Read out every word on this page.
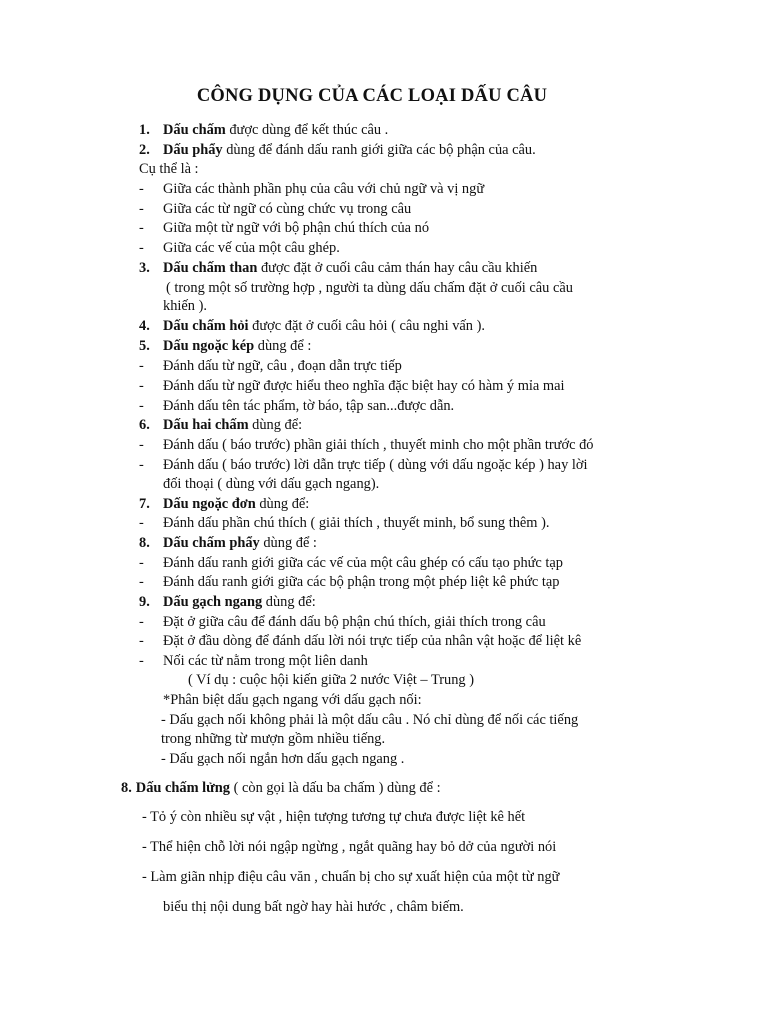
CÔNG DỤNG CỦA CÁC LOẠI DẤU CÂU
1. Dấu chấm được dùng để kết thúc câu .
2. Dấu phẩy dùng để đánh dấu ranh giới giữa các bộ phận của câu.
Cụ thể là :
- Giữa các thành phần phụ của câu với chủ ngữ và vị ngữ
- Giữa các từ ngữ có cùng chức vụ trong câu
- Giữa một từ ngữ với bộ phận chú thích của nó
- Giữa các vế của một câu ghép.
3. Dấu chấm than được đặt ở cuối câu cảm thán hay câu cầu khiến
( trong một số trường hợp , người ta dùng dấu chấm đặt ở cuối câu cầu
khiến ).
4. Dấu chấm hỏi được đặt ở cuối câu hỏi ( câu nghi vấn ).
5. Dấu ngoặc kép dùng để :
- Đánh dấu từ ngữ, câu , đoạn dẫn trực tiếp
- Đánh dấu từ ngữ được hiểu theo nghĩa đặc biệt hay có hàm ý mỉa mai
- Đánh dấu tên tác phẩm, tờ báo, tập san...được dẫn.
6. Dấu hai chấm dùng để:
- Đánh dấu ( báo trước) phần giải thích , thuyết minh cho một phần trước đó
- Đánh dấu ( báo trước) lời dẫn trực tiếp ( dùng với dấu ngoặc kép ) hay lời
đối thoại ( dùng với dấu gạch ngang).
7. Dấu ngoặc đơn dùng để:
- Đánh dấu phần chú thích ( giải thích , thuyết minh, bổ sung thêm ).
8. Dấu chấm phẩy dùng để :
- Đánh dấu ranh giới giữa các vế của một câu ghép có cấu tạo phức tạp
- Đánh dấu ranh giới giữa các bộ phận trong một phép liệt kê phức tạp
9. Dấu gạch ngang dùng để:
- Đặt ở giữa câu để đánh dấu bộ phận chú thích, giải thích trong câu
- Đặt ở đầu dòng để đánh dấu lời nói trực tiếp của nhân vật hoặc để liệt kê
- Nối các từ nằm trong một liên danh
( Ví dụ : cuộc hội kiến giữa 2 nước Việt – Trung )
*Phân biệt dấu gạch ngang với dấu gạch nối:
- Dấu gạch nối không phải là một dấu câu . Nó chỉ dùng để nối các tiếng
trong những từ mượn gồm nhiều tiếng.
- Dấu gạch nối ngắn hơn dấu gạch ngang .
8. Dấu chấm lửng ( còn gọi là dấu ba chấm ) dùng để :
- Tỏ ý còn nhiều sự vật , hiện tượng tương tự chưa được liệt kê hết
- Thể hiện chỗ lời nói ngập ngừng , ngắt quãng hay bỏ dở của người nói
- Làm giãn nhịp điệu câu văn , chuẩn bị cho sự xuất hiện của một từ ngữ
biểu thị nội dung bất ngờ hay hài hước , châm biếm.
